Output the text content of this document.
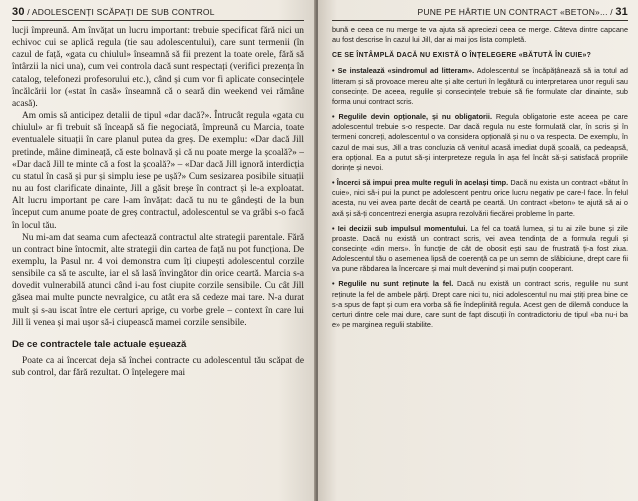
30 / ADOLESCENȚI SCĂPAȚI DE SUB CONTROL

lucji împreună. Am învățat un lucru important: trebuie specificat fără nici un echivoc cui se aplică regula (tie sau adolescentului), care sunt termenii (în cazul de față, «gata cu chiulul» înseamnă să fii prezent la toate orele, fără să întârzii la nici una), cum vei controla dacă sunt respectați (verifici prezența în catalog, telefonezi profesorului etc.), când și cum vor fi aplicate consecințele încălcării lor («stat în casă» înseamnă că o seară din weekend vei rămâne acasă).

Am omis să anticipez detalii de tipul «dar dacă?». Întrucât regula «gata cu chiulul» ar fi trebuit să înceapă să fie negociată, împreună cu Marcia, toate eventualele situații în care planul putea da greș. De exemplu: «Dar dacă Jill pretinde, mâine dimineață, că este bolnavă și că nu poate merge la școală?» – «Dar dacă Jill te minte că a fost la școală?» – «Dar dacă Jill ignoră interdicția cu statul în casă și pur și simplu iese pe ușă?» Cum sesizarea posibile situații nu au fost clarificate dinainte, Jill a găsit breșe în contract și le-a exploatat. Alt lucru important pe care l-am învățat: dacă tu nu te gândești de la bun început cum anume poate de greș contractul, adolescentul se va grăbi s-o facă în locul tău.

Nu mi-am dat seama cum afectează contractul alte strategii parentale. Fără un contract bine întocmit, alte strategii din cartea de față nu pot funcționa. De exemplu, la Pasul nr. 4 voi demonstra cum îți ciupești adolescentul corzile sensibile ca să te asculte, iar el să lasă învingător din orice ceartă. Marcia s-a dovedit vulnerabilă atunci când i-au fost ciupite corzile sensibile. Cu cât Jill găsea mai multe puncte nevralgice, cu atât era să cedeze mai tare. N-a durat mult și s-au iscat între ele certuri aprige, cu vorbe grele – context în care lui Jill îi venea și mai ușor să-i ciupească mamei corzile sensibile.

De ce contractele tale actuale eșuează

Poate ca ai încercat deja să închei contracte cu adolescentul tău scăpat de sub control, dar fără rezultat. O înțelegere mai

PUNE PE HÂRTIE UN CONTRACT «BETON»... / 31

bună e ceea ce nu merge te va ajuta să apreciezi ceea ce merge. Câteva dintre capcane au fost descrise în cazul lui Jill, dar ai mai jos lista completă.

CE SE ÎNTÂMPLĂ DACĂ NU EXISTĂ O ÎNȚELEGERE «BĂTUTĂ ÎN CUIE»?

• Se instalează «sindromul ad litteram». Adolescentul se încăpățânează să ia totul ad litteram și să provoace mereu alte și alte certuri în legătură cu interpretarea unor reguli sau consecințe. De aceea, regulile și consecințele trebuie să fie formulate clar dinainte, sub forma unui contract scris.

• Regulile devin opționale, și nu obligatorii. Regula obligatorie este aceea pe care adolescentul trebuie s-o respecte. Dar dacă regula nu este formulată clar, în scris și în termeni concreți, adolescentul o va considera opțională și nu o va respecta. De exemplu, în cazul de mai sus, Jill a tras concluzia că venitul acasă imediat după școală, ca pedeapsă, era opțional. Ea a putut să-și interpreteze regula în așa fel încât să-și satisfacă propriile dorințe și nevoi.

• Încerci să impui prea multe reguli în același timp. Dacă nu exista un contract «bătut în cuie», nici să-i pui la punct pe adolescent pentru orice lucru negativ pe care-l face. În felul acesta, nu vei avea parte decât de ceartă pe ceartă. Un contract «beton» te ajută să ai o axă și să-ți concentrezi energia asupra rezolvării fiecărei probleme în parte.

• Iei decizii sub impulsul momentului. La fel ca toată lumea, și tu ai zile bune și zile proaste. Dacă nu există un contract scris, vei avea tendința de a formula reguli și consecințe «din mers». În funcție de cât de obosit ești sau de frustrată ți-a fost ziua. Adolescentul tău o asemenea lipsă de coerență ca pe un semn de slăbiciune, drept care fii va pune răbdarea la încercare și mai mult devenind și mai puțin cooperant.

• Regulile nu sunt reținute la fel. Dacă nu există un contract scris, regulile nu sunt reținute la fel de ambele părți. Drept care nici tu, nici adolescentul nu mai știți prea bine ce s-a spus de fapt și cum era vorba să fie îndeplinită regula. Acest gen de dilemă conduce la certuri dintre cele mai dure, care sunt de fapt discuții în contradictoriu de tipul «ba nu-i ba e» pe marginea regulii stabilite.
